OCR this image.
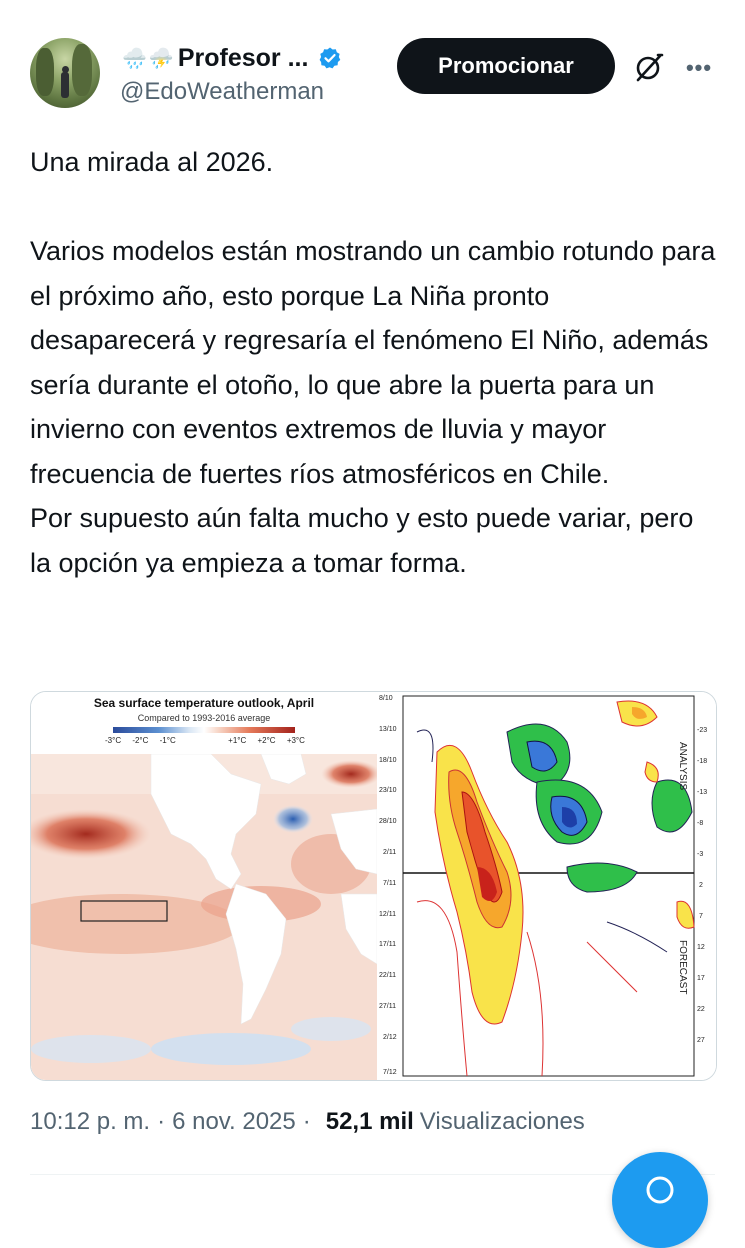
🌧️ ⛈️ Profesor ...
@EdoWeatherman
Promocionar	•••

Una mirada al 2026.

Varios modelos están mostrando un cambio rotundo para el próximo año, esto porque La Niña pronto desaparecerá y regresaría el fenómeno El Niño, además sería durante el otoño, lo que abre la puerta para un invierno con eventos extremos de lluvia y mayor frecuencia de fuertes ríos atmosféricos en Chile.

Por supuesto aún falta mucho y esto puede variar, pero la opción ya empieza a tomar forma.

Sea surface temperature outlook, April
Compared to 1993-2016 average
-3°C -2°C -1°C	+1°C +2°C +3°C
8/10
13/10
18/10
23/10
28/10
2/11
7/11
12/11
17/11
22/11
27/11
2/12
7/12
-23
-18
-13
-8
-3
2
7
12
17
22
27
ANALYSIS
FORECAST
10:12 p. m. · 6 nov. 2025 · 52,1 mil Visualizaciones
